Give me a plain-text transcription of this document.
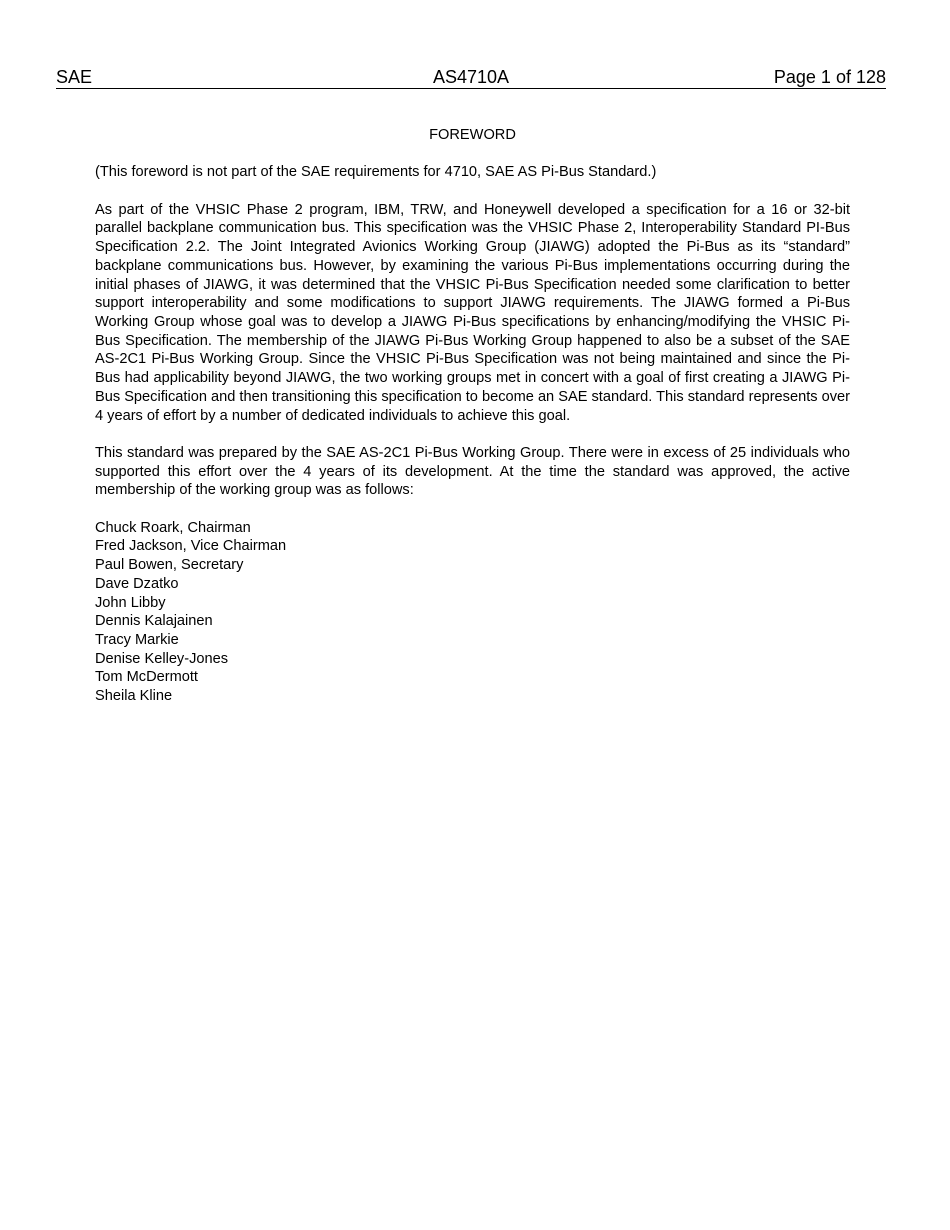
SAE	AS4710A	Page 1 of 128
FOREWORD
(This foreword is not part of the SAE requirements for 4710, SAE AS Pi-Bus Standard.)
As part of the VHSIC Phase 2 program, IBM, TRW, and Honeywell developed a specification for a 16 or 32-bit parallel backplane communication bus. This specification was the VHSIC Phase 2, Interoperability Standard PI-Bus Specification 2.2. The Joint Integrated Avionics Working Group (JIAWG) adopted the Pi-Bus as its “standard” backplane communications bus. However, by examining the various Pi-Bus implementations occurring during the initial phases of JIAWG, it was determined that the VHSIC Pi-Bus Specification needed some clarification to better support interoperability and some modifications to support JIAWG requirements. The JIAWG formed a Pi-Bus Working Group whose goal was to develop a JIAWG Pi-Bus specifications by enhancing/modifying the VHSIC Pi-Bus Specification. The membership of the JIAWG Pi-Bus Working Group happened to also be a subset of the SAE AS-2C1 Pi-Bus Working Group. Since the VHSIC Pi-Bus Specification was not being maintained and since the Pi-Bus had applicability beyond JIAWG, the two working groups met in concert with a goal of first creating a JIAWG Pi-Bus Specification and then transitioning this specification to become an SAE standard. This standard represents over 4 years of effort by a number of dedicated individuals to achieve this goal.
This standard was prepared by the SAE AS-2C1 Pi-Bus Working Group. There were in excess of 25 individuals who supported this effort over the 4 years of its development. At the time the standard was approved, the active membership of the working group was as follows:
Chuck Roark, Chairman
Fred Jackson, Vice Chairman
Paul Bowen, Secretary
Dave Dzatko
John Libby
Dennis Kalajainen
Tracy Markie
Denise Kelley-Jones
Tom McDermott
Sheila Kline
